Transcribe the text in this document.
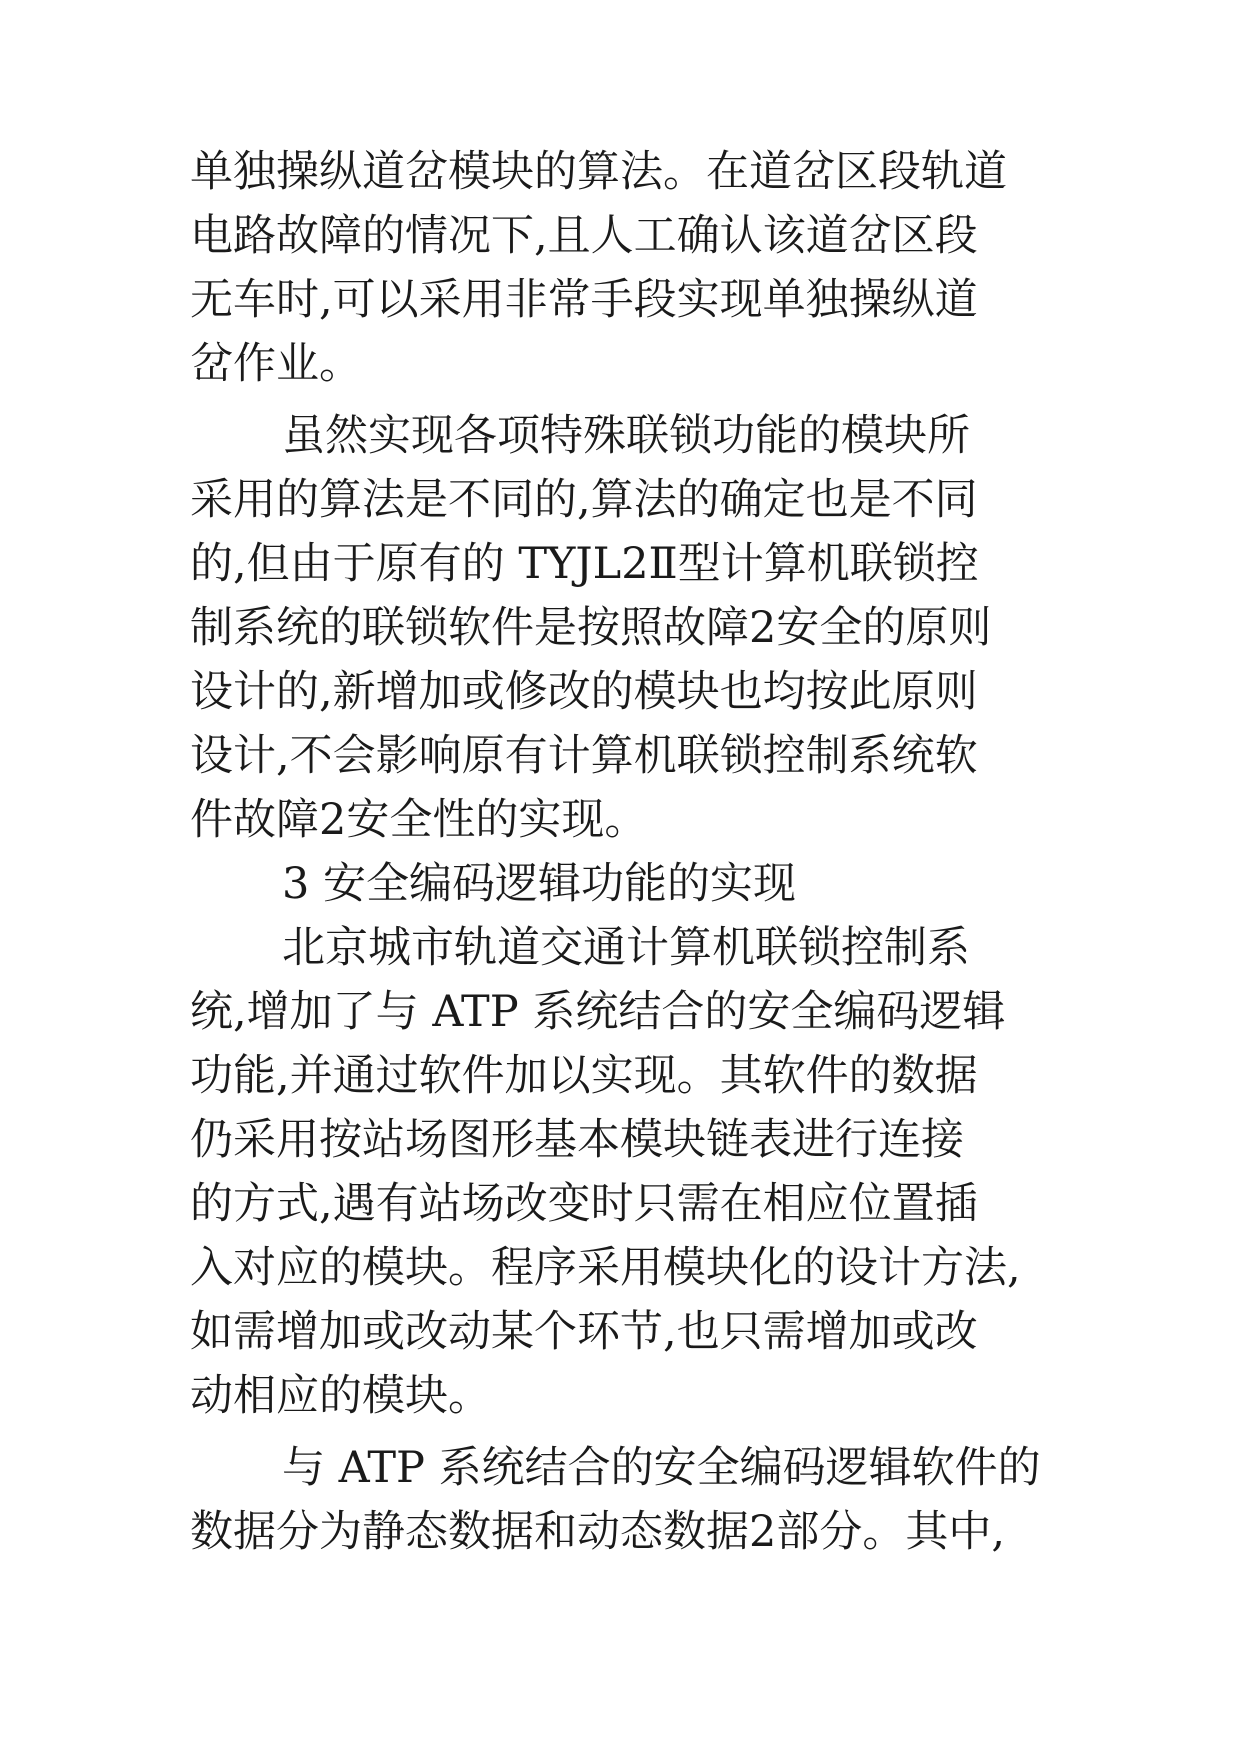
单独操纵道岔模块的算法。在道岔区段轨道
电路故障的情况下,且人工确认该道岔区段
无车时,可以采用非常手段实现单独操纵道
岔作业。
虽然实现各项特殊联锁功能的模块所
采用的算法是不同的,算法的确定也是不同
的,但由于原有的 TYJL2Ⅱ型计算机联锁控
制系统的联锁软件是按照故障2安全的原则
设计的,新增加或修改的模块也均按此原则
设计,不会影响原有计算机联锁控制系统软
件故障2安全性的实现。
3 安全编码逻辑功能的实现
北京城市轨道交通计算机联锁控制系
统,增加了与 ATP 系统结合的安全编码逻辑
功能,并通过软件加以实现。其软件的数据
仍采用按站场图形基本模块链表进行连接
的方式,遇有站场改变时只需在相应位置插
入对应的模块。程序采用模块化的设计方法,
如需增加或改动某个环节,也只需增加或改
动相应的模块。
与 ATP 系统结合的安全编码逻辑软件的
数据分为静态数据和动态数据2部分。其中,
